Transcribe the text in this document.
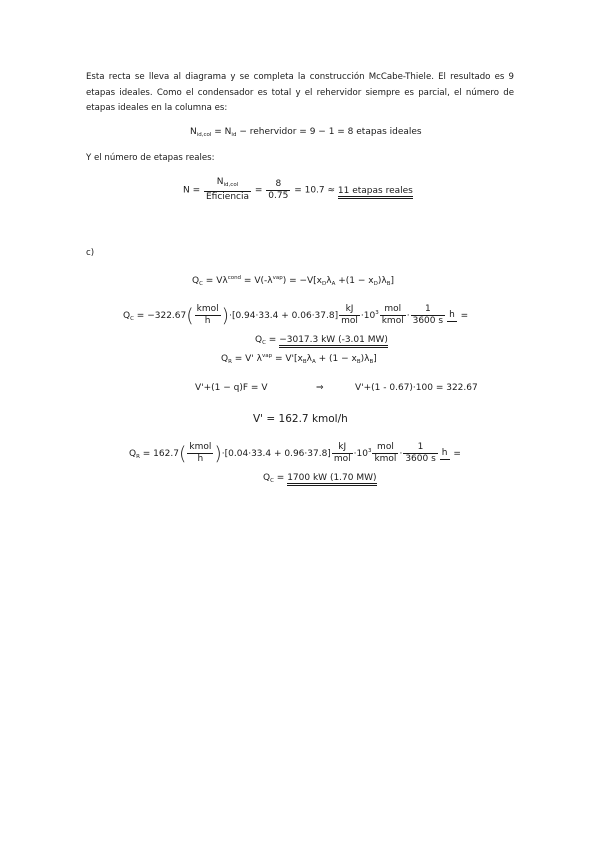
Esta recta se lleva al diagrama y se completa la construcción McCabe-Thiele. El resultado es 9 etapas ideales. Como el condensador es total y el rehervidor siempre es parcial, el número de etapas ideales en la columna es:
$N_{id,col} = N_{id}$ − rehervidor = 9 − 1 = 8 etapas ideales
Y el número de etapas reales:
$N = \frac{N_{id,col}}{\text{Eficiencia}} = \frac{8}{0.75} = 10.7 \approx 11$ etapas reales
c)
$Q_C = V\lambda^{cond} = V(-\lambda^{vap}) = -V[x_D\lambda_A +(1 - x_D)\lambda_B]$
$Q_C = -322.67( \frac{\text{kmol}}{h} )\cdot[0.94\cdot 33.4 + 0.06\cdot 37.8] \frac{kJ}{\text{mol}} \cdot 10^3 \frac{\text{mol}}{\text{kmol}} \cdot \frac{1}{3600 s}$ h =
$Q_C = -3017.3$ kW (-3.01 MW)
$Q_R = V'$ $\lambda^{vap} = V'[x_B\lambda_A + (1 - x_B)\lambda_B]$
V'+(1 − q)F = V	⇒	V'+(1 - 0.67)·100 = 322.67
V' = 162.7 kmol/h
$Q_R = 162.7( \frac{\text{kmol}}{h} )\cdot[0.04\cdot 33.4 + 0.96\cdot 37.8] \frac{kJ}{\text{mol}} \cdot 10^3 \frac{\text{mol}}{\text{kmol}} \cdot \frac{1}{3600 s}$ h =
$Q_C = 1700$ kW (1.70 MW)
